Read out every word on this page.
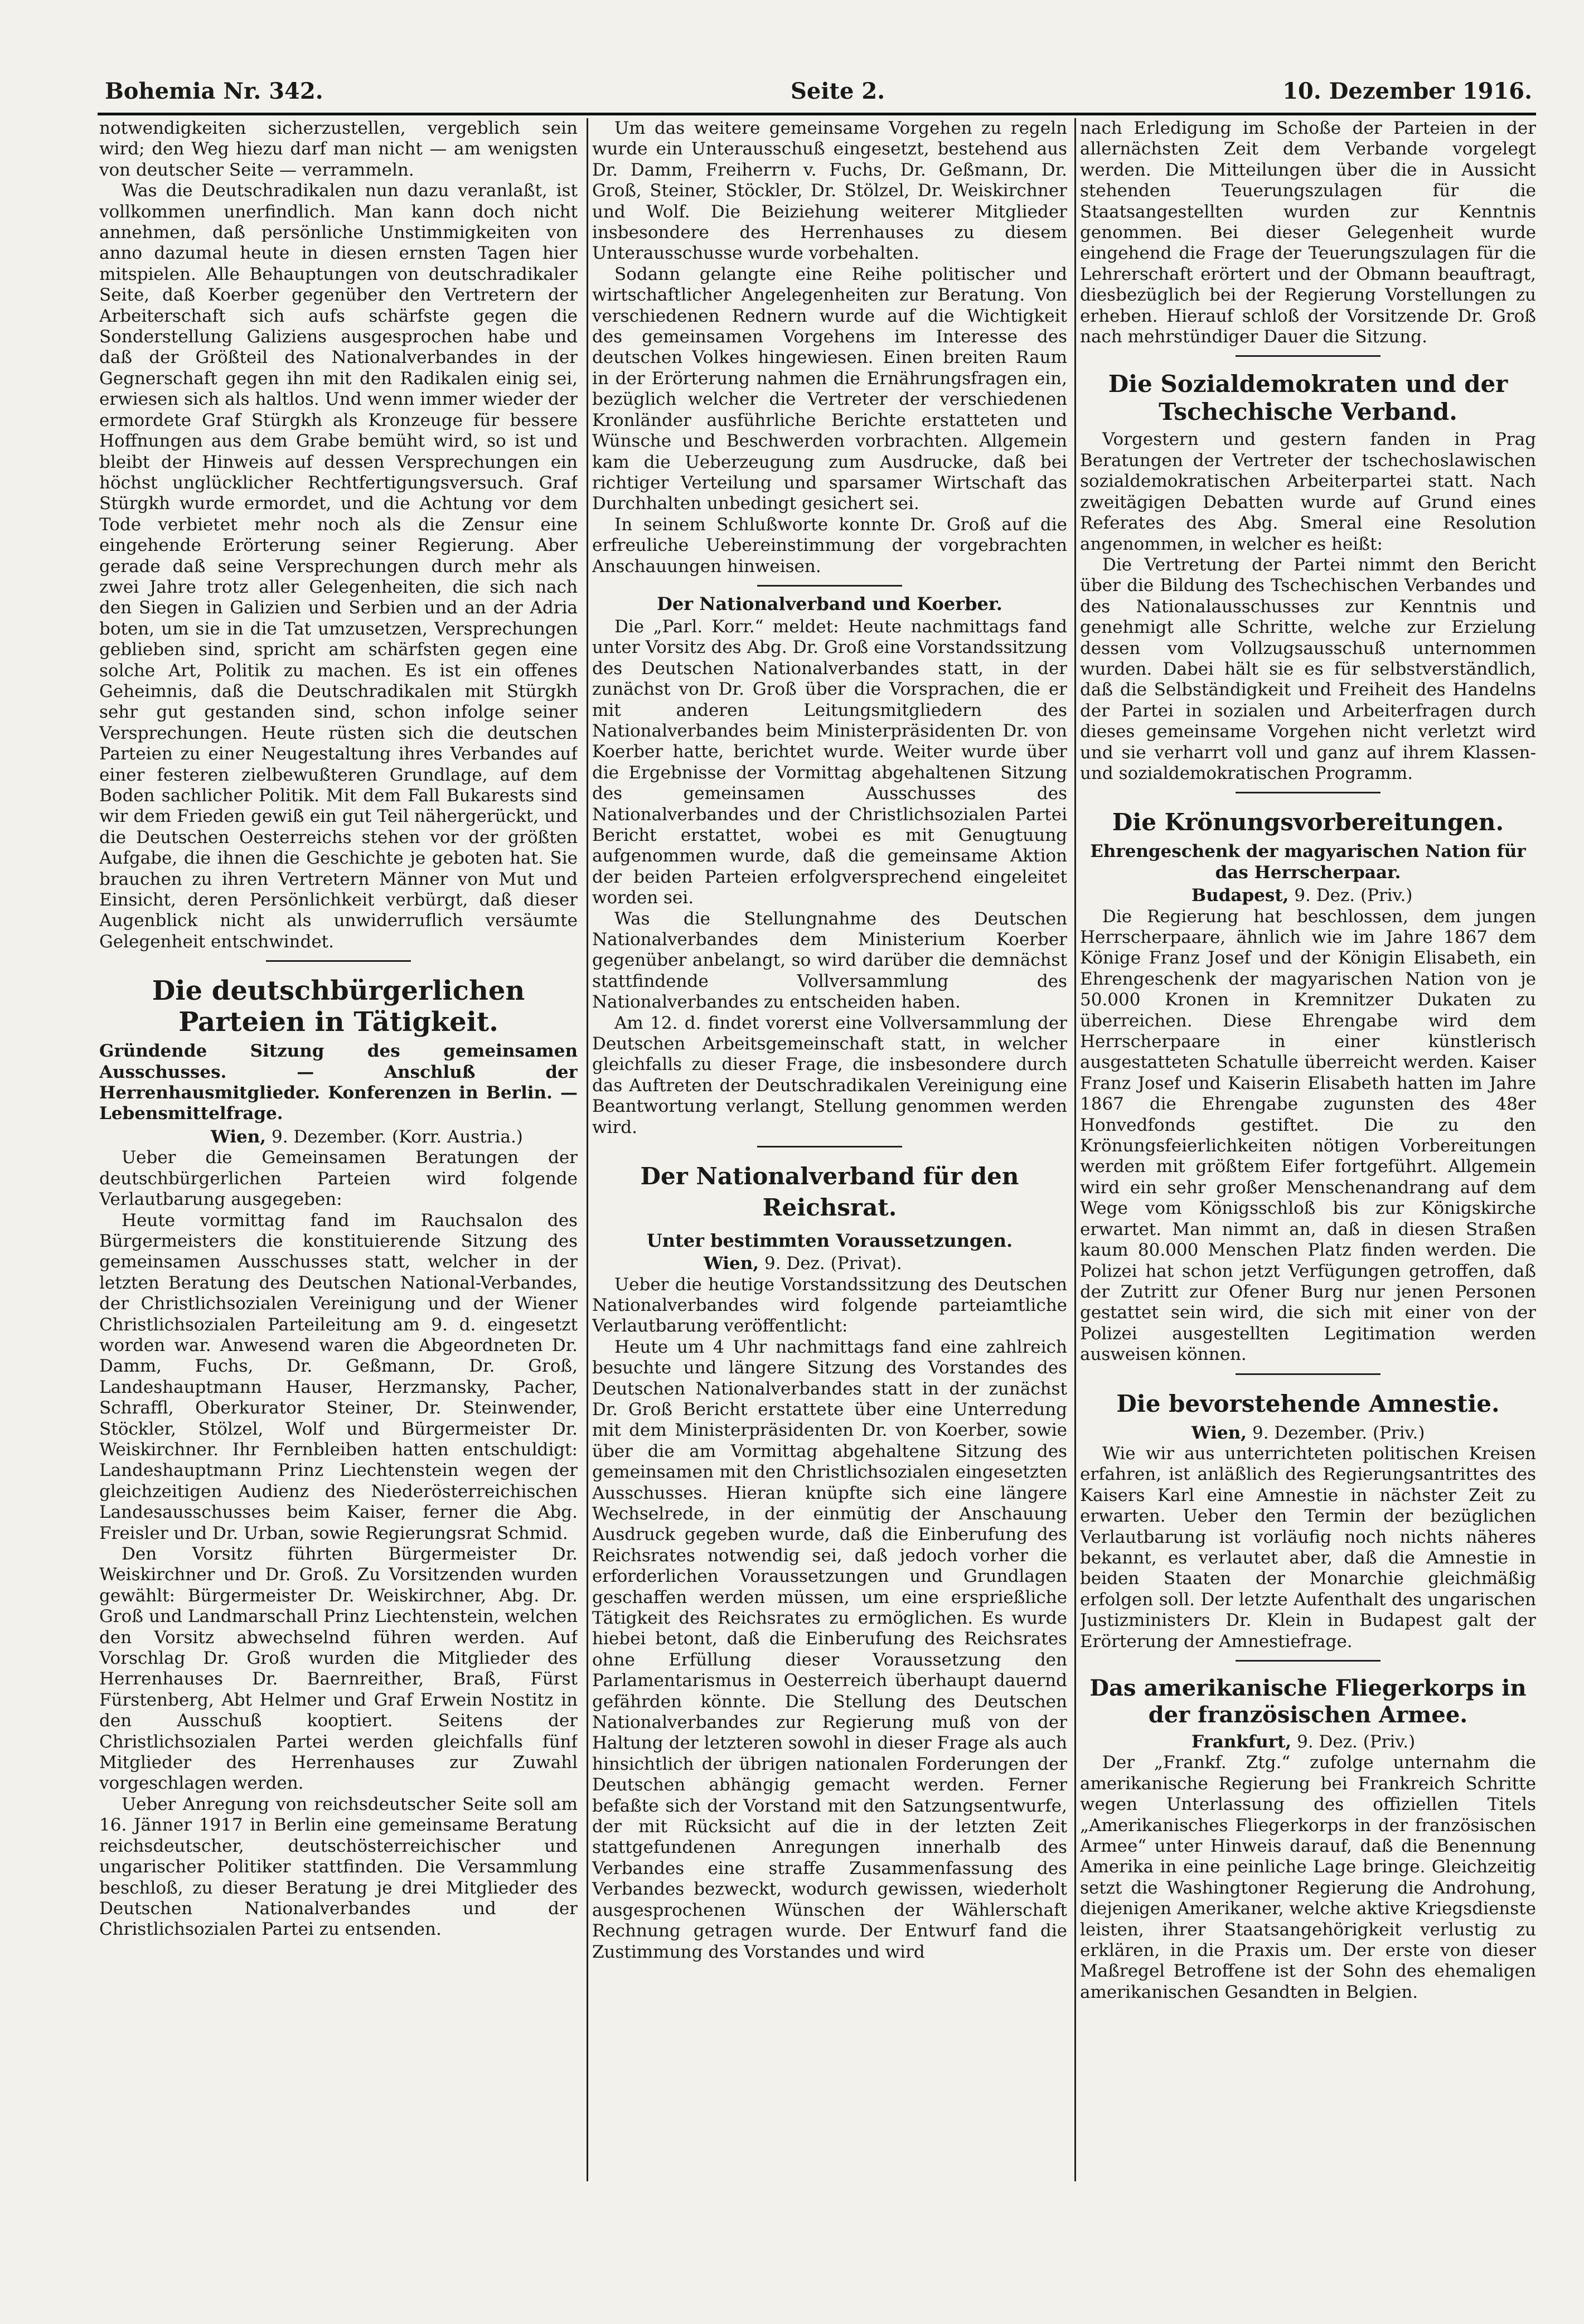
Bohemia Nr. 342.	Seite 2.	10. Dezember 1916.

notwendigkeiten sicherzustellen, vergeblich sein wird; den Weg hiezu darf man nicht — am wenigsten von deutscher Seite — verrammeln.

Was die Deutschradikalen nun dazu veranlaßt, ist vollkommen unerfindlich. Man kann doch nicht annehmen, daß persönliche Unstimmigkeiten von anno dazumal heute in diesen ernsten Tagen hier mitspielen. Alle Behauptungen von deutschradikaler Seite, daß Koerber gegenüber den Vertretern der Arbeiterschaft sich aufs schärfste gegen die Sonderstellung Galiziens ausgesprochen habe und daß der Größteil des Nationalverbandes in der Gegnerschaft gegen ihn mit den Radikalen einig sei, erwiesen sich als haltlos. Und wenn immer wieder der ermordete Graf Stürgkh als Kronzeuge für bessere Hoffnungen aus dem Grabe bemüht wird, so ist und bleibt der Hinweis auf dessen Versprechungen ein höchst unglücklicher Rechtfertigungsversuch. Graf Stürgkh wurde ermordet, und die Achtung vor dem Tode verbietet mehr noch als die Zensur eine eingehende Erörterung seiner Regierung. Aber gerade daß seine Versprechungen durch mehr als zwei Jahre trotz aller Gelegenheiten, die sich nach den Siegen in Galizien und Serbien und an der Adria boten, um sie in die Tat umzusetzen, Versprechungen geblieben sind, spricht am schärfsten gegen eine solche Art, Politik zu machen. Es ist ein offenes Geheimnis, daß die Deutschradikalen mit Stürgkh sehr gut gestanden sind, schon infolge seiner Versprechungen. Heute rüsten sich die deutschen Parteien zu einer Neugestaltung ihres Verbandes auf einer festeren zielbewußteren Grundlage, auf dem Boden sachlicher Politik. Mit dem Fall Bukarests sind wir dem Frieden gewiß ein gut Teil nähergerückt, und die Deutschen Oesterreichs stehen vor der größten Aufgabe, die ihnen die Geschichte je geboten hat. Sie brauchen zu ihren Vertretern Männer von Mut und Einsicht, deren Persönlichkeit verbürgt, daß dieser Augenblick nicht als unwiderruflich versäumte Gelegenheit entschwindet.

Die deutschbürgerlichen Parteien in Tätigkeit.
Gründende Sitzung des gemeinsamen Ausschusses. — Anschluß der Herrenhausmitglieder. Konferenzen in Berlin. — Lebensmittelfrage.

Wien, 9. Dezember. (Korr. Austria.)

Ueber die Gemeinsamen Beratungen der deutschbürgerlichen Parteien wird folgende Verlautbarung ausgegeben:

Heute vormittag fand im Rauchsalon des Bürgermeisters die konstituierende Sitzung des gemeinsamen Ausschusses statt, welcher in der letzten Beratung des Deutschen National-Verbandes, der Christlichsozialen Vereinigung und der Wiener Christlichsozialen Parteileitung am 9. d. eingesetzt worden war. Anwesend waren die Abgeordneten Dr. Damm, Fuchs, Dr. Geßmann, Dr. Groß, Landeshauptmann Hauser, Herzmansky, Pacher, Schraffl, Oberkurator Steiner, Dr. Steinwender, Stöckler, Stölzel, Wolf und Bürgermeister Dr. Weiskirchner. Ihr Fernbleiben hatten entschuldigt: Landeshauptmann Prinz Liechtenstein wegen der gleichzeitigen Audienz des Niederösterreichischen Landesausschusses beim Kaiser, ferner die Abg. Freisler und Dr. Urban, sowie Regierungsrat Schmid.

Den Vorsitz führten Bürgermeister Dr. Weiskirchner und Dr. Groß. Zu Vorsitzenden wurden gewählt: Bürgermeister Dr. Weiskirchner, Abg. Dr. Groß und Landmarschall Prinz Liechtenstein, welchen den Vorsitz abwechselnd führen werden. Auf Vorschlag Dr. Groß wurden die Mitglieder des Herrenhauses Dr. Baernreither, Braß, Fürst Fürstenberg, Abt Helmer und Graf Erwein Nostitz in den Ausschuß kooptiert. Seitens der Christlichsozialen Partei werden gleichfalls fünf Mitglieder des Herrenhauses zur Zuwahl vorgeschlagen werden.

Ueber Anregung von reichsdeutscher Seite soll am 16. Jänner 1917 in Berlin eine gemeinsame Beratung reichsdeutscher, deutschösterreichischer und ungarischer Politiker stattfinden. Die Versammlung beschloß, zu dieser Beratung je drei Mitglieder des Deutschen Nationalverbandes und der Christlichsozialen Partei zu entsenden.

Um das weitere gemeinsame Vorgehen zu regeln wurde ein Unterausschuß eingesetzt, bestehend aus Dr. Damm, Freiherrn v. Fuchs, Dr. Geßmann, Dr. Groß, Steiner, Stöckler, Dr. Stölzel, Dr. Weiskirchner und Wolf. Die Beiziehung weiterer Mitglieder insbesondere des Herrenhauses zu diesem Unterausschusse wurde vorbehalten.

Sodann gelangte eine Reihe politischer und wirtschaftlicher Angelegenheiten zur Beratung. Von verschiedenen Rednern wurde auf die Wichtigkeit des gemeinsamen Vorgehens im Interesse des deutschen Volkes hingewiesen. Einen breiten Raum in der Erörterung nahmen die Ernährungsfragen ein, bezüglich welcher die Vertreter der verschiedenen Kronländer ausführliche Berichte erstatteten und Wünsche und Beschwerden vorbrachten. Allgemein kam die Ueberzeugung zum Ausdrucke, daß bei richtiger Verteilung und sparsamer Wirtschaft das Durchhalten unbedingt gesichert sei.

In seinem Schlußworte konnte Dr. Groß auf die erfreuliche Uebereinstimmung der vorgebrachten Anschauungen hinweisen.

Der Nationalverband und Koerber.

Die „Parl. Korr.“ meldet: Heute nachmittags fand unter Vorsitz des Abg. Dr. Groß eine Vorstandssitzung des Deutschen Nationalverbandes statt, in der zunächst von Dr. Groß über die Vorsprachen, die er mit anderen Leitungsmitgliedern des Nationalverbandes beim Ministerpräsidenten Dr. von Koerber hatte, berichtet wurde. Weiter wurde über die Ergebnisse der Vormittag abgehaltenen Sitzung des gemeinsamen Ausschusses des Nationalverbandes und der Christlichsozialen Partei Bericht erstattet, wobei es mit Genugtuung aufgenommen wurde, daß die gemeinsame Aktion der beiden Parteien erfolgversprechend eingeleitet worden sei.

Was die Stellungnahme des Deutschen Nationalverbandes dem Ministerium Koerber gegenüber anbelangt, so wird darüber die demnächst stattfindende Vollversammlung des Nationalverbandes zu entscheiden haben.

Am 12. d. findet vorerst eine Vollversammlung der Deutschen Arbeitsgemeinschaft statt, in welcher gleichfalls zu dieser Frage, die insbesondere durch das Auftreten der Deutschradikalen Vereinigung eine Beantwortung verlangt, Stellung genommen werden wird.

Der Nationalverband für den Reichsrat.
Unter bestimmten Voraussetzungen.

Wien, 9. Dez. (Privat).

Ueber die heutige Vorstandssitzung des Deutschen Nationalverbandes wird folgende parteiamtliche Verlautbarung veröffentlicht:

Heute um 4 Uhr nachmittags fand eine zahlreich besuchte und längere Sitzung des Vorstandes des Deutschen Nationalverbandes statt in der zunächst Dr. Groß Bericht erstattete über eine Unterredung mit dem Ministerpräsidenten Dr. von Koerber, sowie über die am Vormittag abgehaltene Sitzung des gemeinsamen mit den Christlichsozialen eingesetzten Ausschusses. Hieran knüpfte sich eine längere Wechselrede, in der einmütig der Anschauung Ausdruck gegeben wurde, daß die Einberufung des Reichsrates notwendig sei, daß jedoch vorher die erforderlichen Voraussetzungen und Grundlagen geschaffen werden müssen, um eine ersprießliche Tätigkeit des Reichsrates zu ermöglichen. Es wurde hiebei betont, daß die Einberufung des Reichsrates ohne Erfüllung dieser Voraussetzung den Parlamentarismus in Oesterreich überhaupt dauernd gefährden könnte. Die Stellung des Deutschen Nationalverbandes zur Regierung muß von der Haltung der letzteren sowohl in dieser Frage als auch hinsichtlich der übrigen nationalen Forderungen der Deutschen abhängig gemacht werden. Ferner befaßte sich der Vorstand mit den Satzungsentwurfe, der mit Rücksicht auf die in der letzten Zeit stattgefundenen Anregungen innerhalb des Verbandes eine straffe Zusammenfassung des Verbandes bezweckt, wodurch gewissen, wiederholt ausgesprochenen Wünschen der Wählerschaft Rechnung getragen wurde. Der Entwurf fand die Zustimmung des Vorstandes und wird

nach Erledigung im Schoße der Parteien in der allernächsten Zeit dem Verbande vorgelegt werden. Die Mitteilungen über die in Aussicht stehenden Teuerungszulagen für die Staatsangestellten wurden zur Kenntnis genommen. Bei dieser Gelegenheit wurde eingehend die Frage der Teuerungszulagen für die Lehrerschaft erörtert und der Obmann beauftragt, diesbezüglich bei der Regierung Vorstellungen zu erheben. Hierauf schloß der Vorsitzende Dr. Groß nach mehrstündiger Dauer die Sitzung.

Die Sozialdemokraten und der Tschechische Verband.

Vorgestern und gestern fanden in Prag Beratungen der Vertreter der tschechoslawischen sozialdemokratischen Arbeiterpartei statt. Nach zweitägigen Debatten wurde auf Grund eines Referates des Abg. Smeral eine Resolution angenommen, in welcher es heißt:

Die Vertretung der Partei nimmt den Bericht über die Bildung des Tschechischen Verbandes und des Nationalausschusses zur Kenntnis und genehmigt alle Schritte, welche zur Erzielung dessen vom Vollzugsausschuß unternommen wurden. Dabei hält sie es für selbstverständlich, daß die Selbständigkeit und Freiheit des Handelns der Partei in sozialen und Arbeiterfragen durch dieses gemeinsame Vorgehen nicht verletzt wird und sie verharrt voll und ganz auf ihrem Klassen- und sozialdemokratischen Programm.

Die Krönungsvorbereitungen.
Ehrengeschenk der magyarischen Nation für das Herrscherpaar.

Budapest, 9. Dez. (Priv.)

Die Regierung hat beschlossen, dem jungen Herrscherpaare, ähnlich wie im Jahre 1867 dem Könige Franz Josef und der Königin Elisabeth, ein Ehrengeschenk der magyarischen Nation von je 50.000 Kronen in Kremnitzer Dukaten zu überreichen. Diese Ehrengabe wird dem Herrscherpaare in einer künstlerisch ausgestatteten Schatulle überreicht werden. Kaiser Franz Josef und Kaiserin Elisabeth hatten im Jahre 1867 die Ehrengabe zugunsten des 48er Honvedfonds gestiftet. Die zu den Krönungsfeierlichkeiten nötigen Vorbereitungen werden mit größtem Eifer fortgeführt. Allgemein wird ein sehr großer Menschenandrang auf dem Wege vom Königsschloß bis zur Königskirche erwartet. Man nimmt an, daß in diesen Straßen kaum 80.000 Menschen Platz finden werden. Die Polizei hat schon jetzt Verfügungen getroffen, daß der Zutritt zur Ofener Burg nur jenen Personen gestattet sein wird, die sich mit einer von der Polizei ausgestellten Legitimation werden ausweisen können.

Die bevorstehende Amnestie.

Wien, 9. Dezember. (Priv.)

Wie wir aus unterrichteten politischen Kreisen erfahren, ist anläßlich des Regierungsantrittes des Kaisers Karl eine Amnestie in nächster Zeit zu erwarten. Ueber den Termin der bezüglichen Verlautbarung ist vorläufig noch nichts näheres bekannt, es verlautet aber, daß die Amnestie in beiden Staaten der Monarchie gleichmäßig erfolgen soll. Der letzte Aufenthalt des ungarischen Justizministers Dr. Klein in Budapest galt der Erörterung der Amnestiefrage.

Das amerikanische Fliegerkorps in der französischen Armee.

Frankfurt, 9. Dez. (Priv.)

Der „Frankf. Ztg.“ zufolge unternahm die amerikanische Regierung bei Frankreich Schritte wegen Unterlassung des offiziellen Titels „Amerikanisches Fliegerkorps in der französischen Armee“ unter Hinweis darauf, daß die Benennung Amerika in eine peinliche Lage bringe. Gleichzeitig setzt die Washingtoner Regierung die Androhung, diejenigen Amerikaner, welche aktive Kriegsdienste leisten, ihrer Staatsangehörigkeit verlustig zu erklären, in die Praxis um. Der erste von dieser Maßregel Betroffene ist der Sohn des ehemaligen amerikanischen Gesandten in Belgien.
